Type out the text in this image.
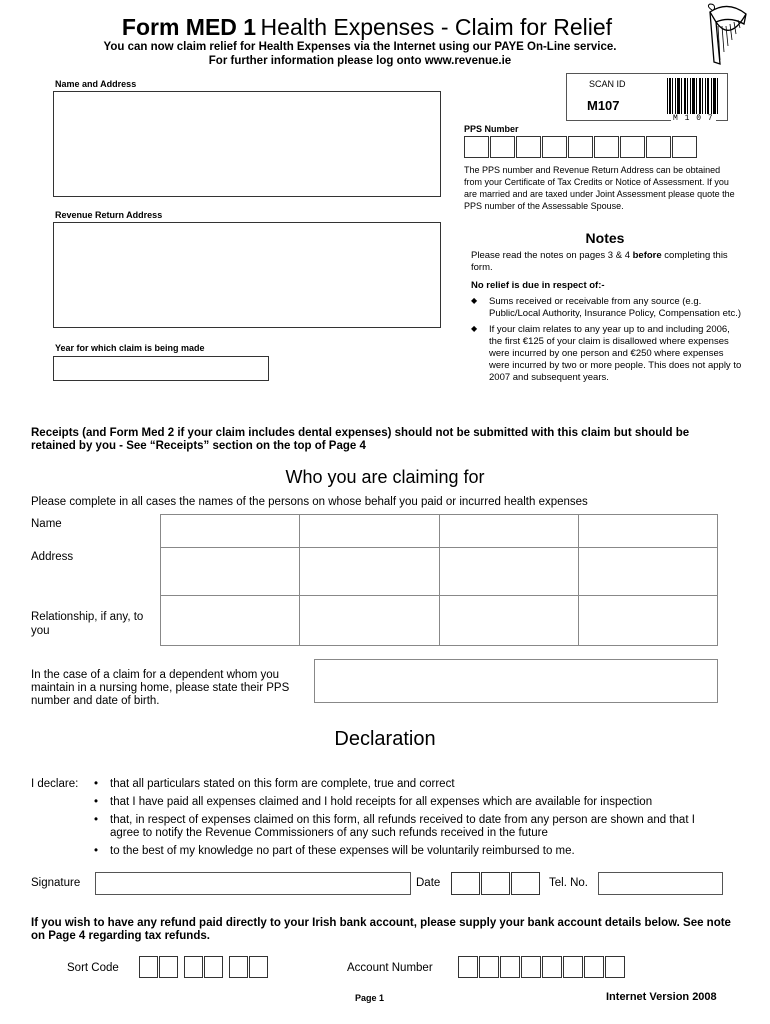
Form MED 1 Health Expenses - Claim for Relief
You can now claim relief for Health Expenses via the Internet using our PAYE On-Line service.
For further information please log onto www.revenue.ie
Name and Address
Revenue Return Address
Year for which claim is being made
SCAN ID
M107
M 1 0 7
PPS Number
The PPS number and Revenue Return Address can be obtained from your Certificate of Tax Credits or Notice of Assessment. If you are married and are taxed under Joint Assessment please quote the PPS number of the Assessable Spouse.
Notes
Please read the notes on pages 3 & 4 before completing this form.
No relief is due in respect of:-
◆ Sums received or receivable from any source (e.g. Public/Local Authority, Insurance Policy, Compensation etc.)
◆ If your claim relates to any year up to and including 2006, the first €125 of your claim is disallowed where expenses were incurred by one person and €250 where expenses were incurred by two or more people. This does not apply to 2007 and subsequent years.
Receipts (and Form Med 2 if your claim includes dental expenses) should not be submitted with this claim but should be retained by you - See “Receipts” section on the top of Page 4
Who you are claiming for
Please complete in all cases the names of the persons on whose behalf you paid or incurred health expenses
Name
Address
Relationship, if any, to you

In the case of a claim for a dependent whom you maintain in a nursing home, please state their PPS number and date of birth.
Declaration
I declare: • that all particulars stated on this form are complete, true and correct
• that I have paid all expenses claimed and I hold receipts for all expenses which are available for inspection
• that, in respect of expenses claimed on this form, all refunds received to date from any person are shown and that I agree to notify the Revenue Commissioners of any such refunds received in the future
• to the best of my knowledge no part of these expenses will be voluntarily reimbursed to me.
Signature	Date	Tel. No.
If you wish to have any refund paid directly to your Irish bank account, please supply your bank account details below. See note on Page 4 regarding tax refunds.
Sort Code	Account Number
Page 1	Internet Version 2008
